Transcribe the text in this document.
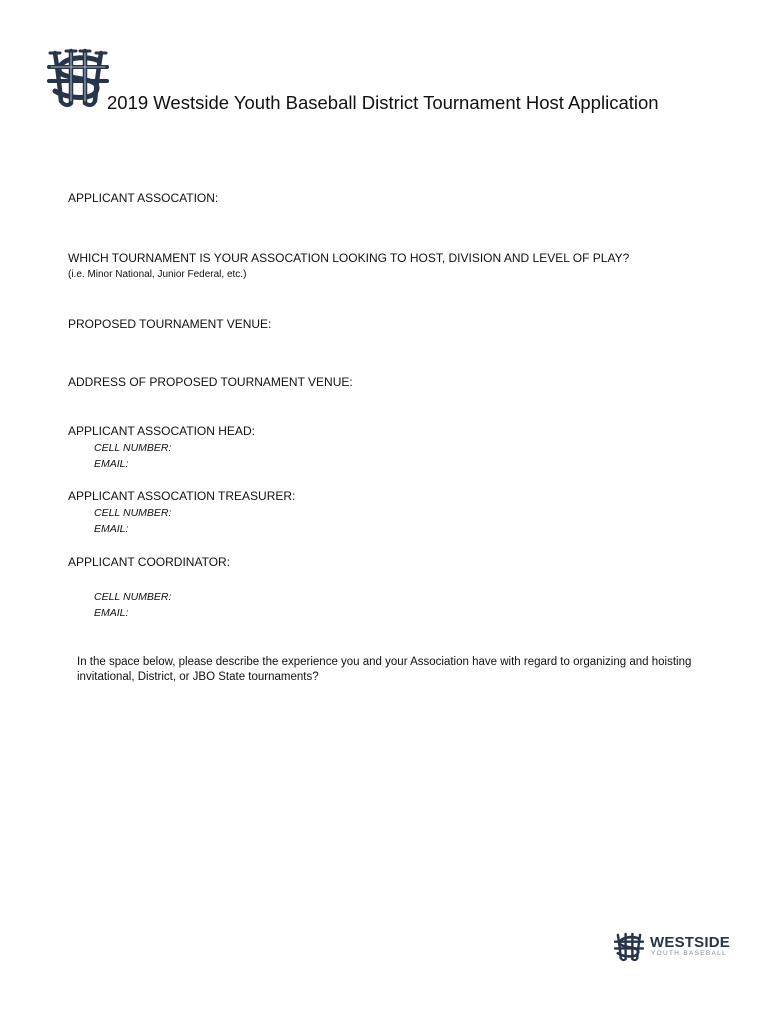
2019 Westside Youth Baseball District Tournament Host Application
APPLICANT ASSOCATION:
WHICH TOURNAMENT IS YOUR ASSOCATION LOOKING TO HOST, DIVISION AND LEVEL OF PLAY?
(i.e. Minor National, Junior Federal, etc.)
PROPOSED TOURNAMENT VENUE:
ADDRESS OF PROPOSED TOURNAMENT VENUE:
APPLICANT ASSOCATION HEAD:
CELL NUMBER:
EMAIL:
APPLICANT ASSOCATION TREASURER:
CELL NUMBER:
EMAIL:
APPLICANT COORDINATOR:
CELL NUMBER:
EMAIL:
In the space below, please describe the experience you and your Association have with regard to organizing and hoisting invitational, District, or JBO State tournaments?
WESTSIDE
YOUTH BASEBALL
